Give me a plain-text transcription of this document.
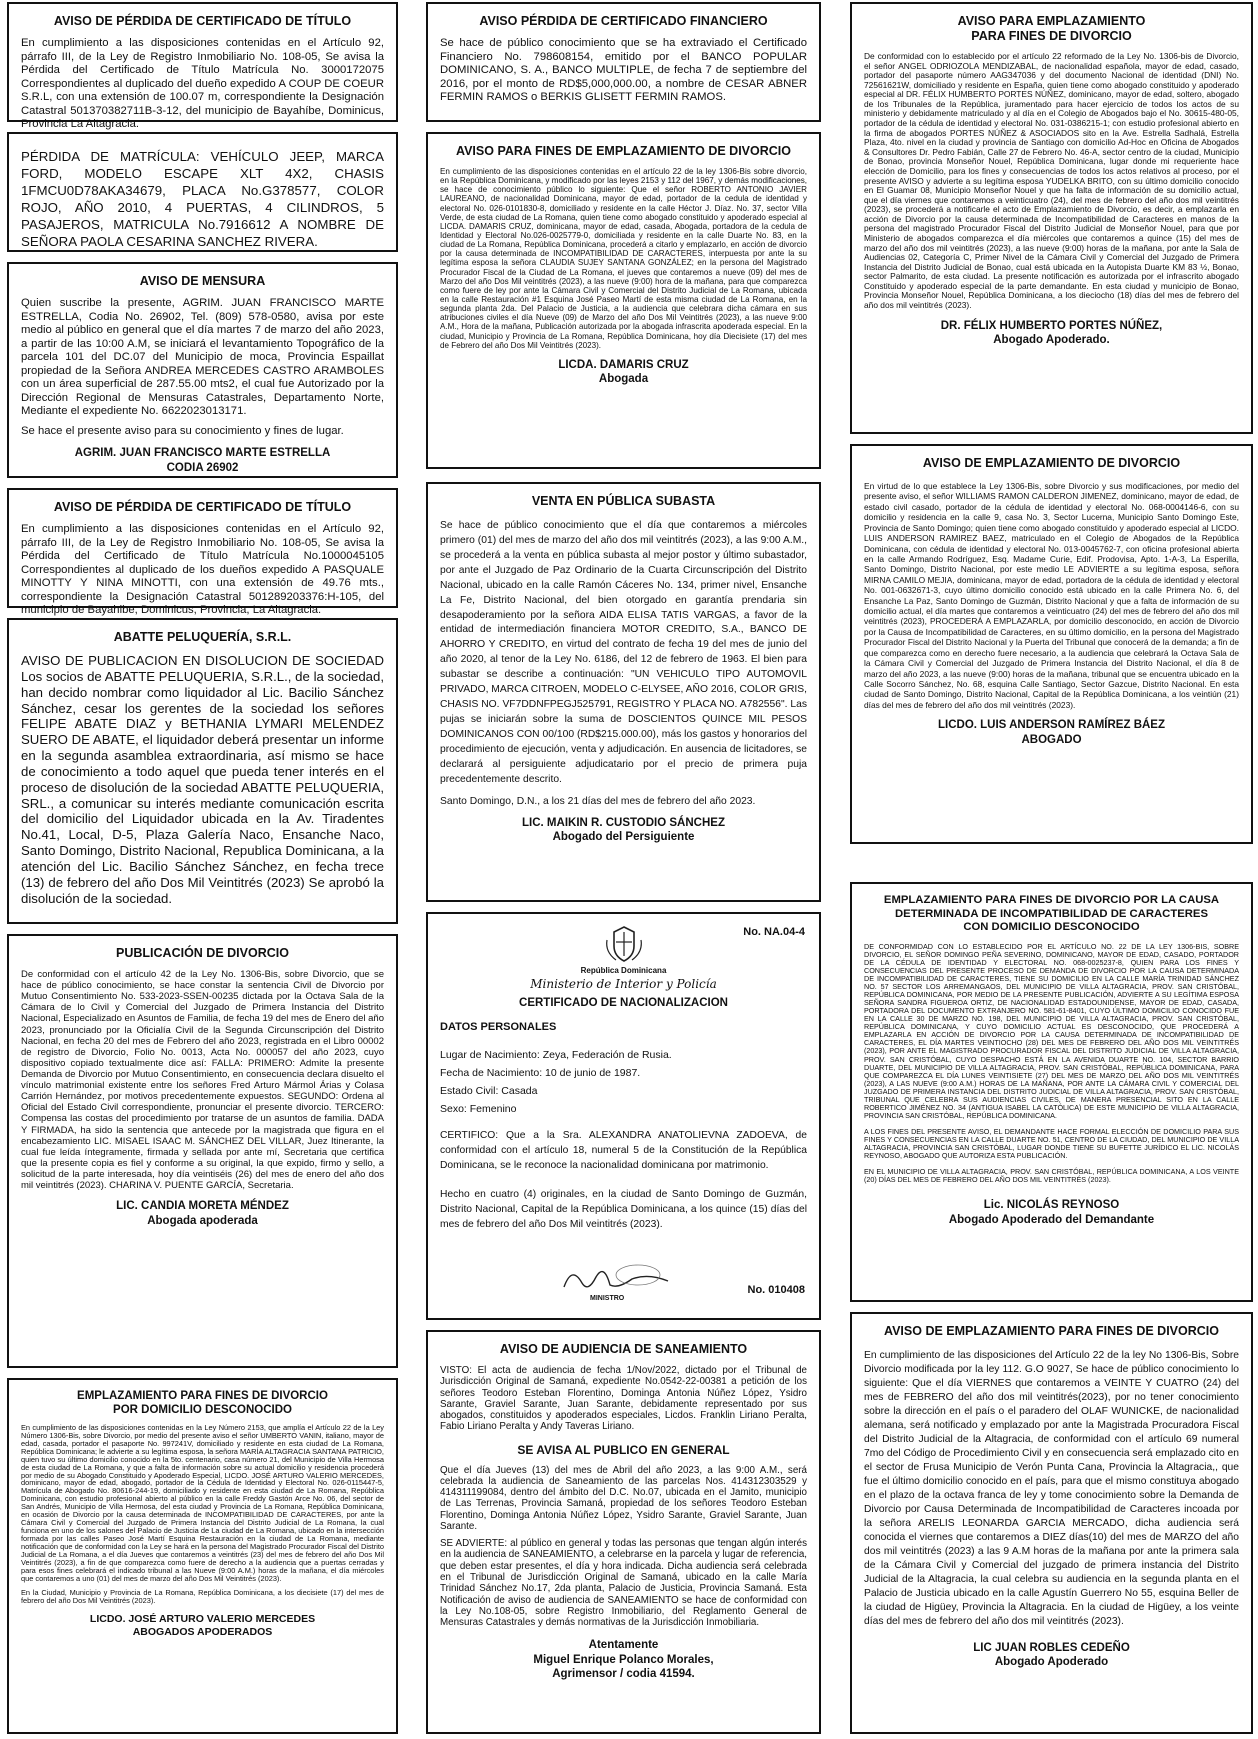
AVISO DE PÉRDIDA DE CERTIFICADO DE TÍTULO

En cumplimiento a las disposiciones contenidas en el Artículo 92, párrafo III, de la Ley de Registro Inmobiliario No. 108-05, Se avisa la Pérdida del Certificado de Título Matrícula No. 3000172075 Correspondientes al duplicado del dueño expedido A COUP DE COEUR S.R.L, con una extensión de 100.07 m, correspondiente la Designación Catastral 501370382711B-3-12, del municipio de Bayahíbe, Dominicus, Provincia La Altagracia.

PÉRDIDA DE MATRÍCULA: VEHÍCULO JEEP, MARCA FORD, MODELO ESCAPE XLT 4X2, CHASIS 1FMCU0D78AKA34679, PLACA No.G378577, COLOR ROJO, AÑO 2010, 4 PUERTAS, 4 CILINDROS, 5 PASAJEROS, MATRICULA No.7916612 A NOMBRE DE SEÑORA PAOLA CESARINA SANCHEZ RIVERA.

AVISO DE MENSURA

Quien suscribe la presente, AGRIM. JUAN FRANCISCO MARTE ESTRELLA, Codia No. 26902, Tel. (809) 578-0580, avisa por este medio al público en general que el día martes 7 de marzo del año 2023, a partir de las 10:00 A.M, se iniciará el levantamiento Topográfico de la parcela 101 del DC.07 del Municipio de moca, Provincia Espaillat propiedad de la Señora ANDREA MERCEDES CASTRO ARAMBOLES con un área superficial de 287.55.00 mts2, el cual fue Autorizado por la Dirección Regional de Mensuras Catastrales, Departamento Norte, Mediante el expediente No. 6622023013171.

Se hace el presente aviso para su conocimiento y fines de lugar.

AGRIM. JUAN FRANCISCO MARTE ESTRELLA
CODIA 26902

AVISO DE PÉRDIDA DE CERTIFICADO DE TÍTULO

En cumplimiento a las disposiciones contenidas en el Artículo 92, párrafo III, de la Ley de Registro Inmobiliario No. 108-05, Se avisa la Pérdida del Certificado de Título Matrícula No.1000045105 Correspondientes al duplicado de los dueños expedido A PASQUALE MINOTTY Y NINA MINOTTI, con una extensión de 49.76 mts., correspondiente la Designación Catastral 501289203376:H-105, del municipio de Bayahibe, Dominicus, Provincia, La Altagracia.

ABATTE PELUQUERÍA, S.R.L.

AVISO DE PUBLICACION EN DISOLUCION DE SOCIEDAD Los socios de ABATTE PELUQUERIA, S.R.L., de la sociedad, han decido nombrar como liquidador al Lic. Bacilio Sánchez Sánchez, cesar los gerentes de la sociedad los señores FELIPE ABATE DIAZ y BETHANIA LYMARI MELENDEZ SUERO DE ABATE, el liquidador deberá presentar un informe en la segunda asamblea extraordinaria, así mismo se hace de conocimiento a todo aquel que pueda tener interés en el proceso de disolución de la sociedad ABATTE PELUQUERIA, SRL., a comunicar su interés mediante comunicación escrita del domicilio del Liquidador ubicada en la Av. Tiradentes No.41, Local, D-5, Plaza Galería Naco, Ensanche Naco, Santo Domingo, Distrito Nacional, Republica Dominicana, a la atención del Lic. Bacilio Sánchez Sánchez, en fecha trece (13) de febrero del año Dos Mil Veintitrés (2023) Se aprobó la disolución de la sociedad.

PUBLICACIÓN DE DIVORCIO

De conformidad con el artículo 42 de la Ley No. 1306-Bis, sobre Divorcio, que se hace de público conocimiento, se hace constar la sentencia Civil de Divorcio por Mutuo Consentimiento No. 533-2023-SSEN-00235 dictada por la Octava Sala de la Cámara de lo Civil y Comercial del Juzgado de Primera Instancia del Distrito Nacional, Especializado en Asuntos de Familia, de fecha 19 del mes de Enero del año 2023, pronunciado por la Oficialía Civil de la Segunda Circunscripción del Distrito Nacional, en fecha 20 del mes de Febrero del año 2023, registrada en el Libro 00002 de registro de Divorcio, Folio No. 0013, Acta No. 000057 del año 2023, cuyo dispositivo copiado textualmente dice así: FALLA: PRIMERO: Admite la presente Demanda de Divorcio por Mutuo Consentimiento, en consecuencia declara disuelto el vínculo matrimonial existente entre los señores Fred Arturo Mármol Árias y Colasa Carrión Hernández, por motivos precedentemente expuestos. SEGUNDO: Ordena al Oficial del Estado Civil correspondiente, pronunciar el presente divorcio. TERCERO: Compensa las costas del procedimiento por tratarse de un asuntos de familia. DADA Y FIRMADA, ha sido la sentencia que antecede por la magistrada que figura en el encabezamiento LIC. MISAEL ISAAC M. SÁNCHEZ DEL VILLAR, Juez Itinerante, la cual fue leída íntegramente, firmada y sellada por ante mí, Secretaria que certifica que la presente copia es fiel y conforme a su original, la que expido, firmo y sello, a solicitud de la parte interesada, hoy día veintiséis (26) del mes de enero del año dos mil veintitrés (2023). CHARINA V. PUENTE GARCÍA, Secretaria.

LIC. CANDIA MORETA MÉNDEZ
Abogada apoderada

EMPLAZAMIENTO PARA FINES DE DIVORCIO
POR DOMICILIO DESCONOCIDO

En cumplimiento de las disposiciones contenidas en la Ley Número 2153, que amplía el Artículo 22 de la Ley Número 1306-Bis, sobre Divorcio, por medio del presente aviso el señor UMBERTO VANIN, italiano, mayor de edad, casada, portador el pasaporte No. 997241V, domiciliado y residente en esta ciudad de La Romana, República Dominicana; le advierte a su legítima esposa, la señora MARÍA ALTAGRACIA SANTANA PATRICIO, quien tuvo su último domicilio conocido en la 5to. centenario, casa número 21, del Municipio de Villa Hermosa de esta ciudad de La Romana, y que a falta de información sobre su actual domicilio y residencia procederá por medio de su Abogado Constituido y Apoderado Especial, LICDO. JOSÉ ARTURO VALERIO MERCEDES, dominicano, mayor de edad, abogado, portador de la Cédula de Identidad y Electoral No. 026-0115447-5, Matrícula de Abogado No. 80616-244-19, domiciliado y residente en esta ciudad de La Romana, República Dominicana, con estudio profesional abierto al público en la calle Freddy Gastón Arce No. 06, del sector de San Andrés, Municipio de Villa Hermosa, del esta ciudad y Provincia de La Romana, República Dominicana, en ocasión de Divorcio por la causa determinada de INCOMPATIBILIDAD DE CARACTERES, por ante la Cámara Civil y Comercial del Juzgado de Primera Instancia del Distrito Judicial de La Romana, la cual funciona en uno de los salones del Palacio de Justicia de La ciudad de La Romana, ubicado en la intersección formada por las calles Paseo José Martí Esquina Restauración en la ciudad de La Romana, mediante notificación que de conformidad con la Ley se hará en la persona del Magistrado Procurador Fiscal del Distrito Judicial de La Romana, a el día Jueves que contaremos a veintitrés (23) del mes de febrero del año Dos Mil Veintitrés (2023), a fin de que comparezca como fuere de derecho a la audiencia que a puertas cerradas y para esos fines celebrará el indicado tribunal a las Nueve (9:00 A.M.) horas de la mañana, el día miércoles que contaremos a uno (01) del mes de marzo del año Dos Mil Veintitrés (2023).

En la Ciudad, Municipio y Provincia de La Romana, República Dominicana, a los diecisiete (17) del mes de febrero del año Dos Mil Veintitrés (2023).

LICDO. JOSÉ ARTURO VALERIO MERCEDES
ABOGADOS APODERADOS

AVISO PÉRDIDA DE CERTIFICADO FINANCIERO

Se hace de público conocimiento que se ha extraviado el Certificado Financiero No. 798608154, emitido por el BANCO POPULAR DOMINICANO, S. A., BANCO MULTIPLE, de fecha 7 de septiembre del 2016, por el monto de RD$5,000,000.00, a nombre de CESAR ABNER FERMIN RAMOS o BERKIS GLISETT FERMIN RAMOS.

AVISO PARA FINES DE EMPLAZAMIENTO DE DIVORCIO

En cumplimiento de las disposiciones contenidas en el artículo 22 de la ley 1306-Bis sobre divorcio, en la República Dominicana, y modificado por las leyes 2153 y 112 del 1967, y demás modificaciones, se hace de conocimiento público lo siguiente: Que el señor ROBERTO ANTONIO JAVIER LAUREANO, de nacionalidad Dominicana, mayor de edad, portador de la cedula de identidad y electoral No. 026-0101830-8, domiciliado y residente en la calle Héctor J. Díaz. No. 37, sector Villa Verde, de esta ciudad de La Romana, quien tiene como abogado constituido y apoderado especial al LICDA. DAMARIS CRUZ, dominicana, mayor de edad, casada, Abogada, portadora de la cedula de Identidad y Electoral No.026-0025779-0, domiciliada y residente en la calle Duarte No. 83, en la ciudad de La Romana, República Dominicana, procederá a citarlo y emplazarlo, en acción de divorcio por la causa determinada de INCOMPATIBILIDAD DE CARACTERES, interpuesta por ante la su legítima esposa la señora CLAUDIA SUJEY SANTANA GONZÁLEZ; en la persona del Magistrado Procurador Fiscal de la Ciudad de La Romana, el jueves que contaremos a nueve (09) del mes de Marzo del año Dos Mil veintitrés (2023), a las nueve (9:00) hora de la mañana, para que comparezca como fuere de ley por ante la Cámara Civil y Comercial del Distrito Judicial de La Romana, ubicada en la calle Restauración #1 Esquina José Paseo Martí de esta misma ciudad de La Romana, en la segunda planta 2da. Del Palacio de Justicia, a la audiencia que celebrara dicha cámara en sus atribuciones civiles el día Nueve (09) de Marzo del año Dos Mil Veintitrés (2023), a las nueve 9:00 A.M., Hora de la mañana, Publicación autorizada por la abogada infrascrita apoderada especial. En la ciudad, Municipio y Provincia de La Romana, República Dominicana, hoy día Diecisiete (17) del mes de Febrero del año Dos Mil Veintitrés (2023).

LICDA. DAMARIS CRUZ
Abogada

VENTA EN PÚBLICA SUBASTA

Se hace de público conocimiento que el día que contaremos a miércoles primero (01) del mes de marzo del año dos mil veintitrés (2023), a las 9:00 A.M., se procederá a la venta en pública subasta al mejor postor y último subastador, por ante el Juzgado de Paz Ordinario de la Cuarta Circunscripción del Distrito Nacional, ubicado en la calle Ramón Cáceres No. 134, primer nivel, Ensanche La Fe, Distrito Nacional, del bien otorgado en garantía prendaria sin desapoderamiento por la señora AIDA ELISA TATIS VARGAS, a favor de la entidad de intermediación financiera MOTOR CREDITO, S.A., BANCO DE AHORRO Y CREDITO, en virtud del contrato de fecha 19 del mes de junio del año 2020, al tenor de la Ley No. 6186, del 12 de febrero de 1963. El bien para subastar se describe a continuación: "UN VEHICULO TIPO AUTOMOVIL PRIVADO, MARCA CITROEN, MODELO C-ELYSEE, AÑO 2016, COLOR GRIS, CHASIS NO. VF7DDNFPEGJ525791, REGISTRO Y PLACA NO. A782556". Las pujas se iniciarán sobre la suma de DOSCIENTOS QUINCE MIL PESOS DOMINICANOS CON 00/100 (RD$215.000.00), más los gastos y honorarios del procedimiento de ejecución, venta y adjudicación. En ausencia de licitadores, se declarará al persiguiente adjudicatario por el precio de primera puja precedentemente descrito.

Santo Domingo, D.N., a los 21 días del mes de febrero del año 2023.

LIC. MAIKIN R. CUSTODIO SÁNCHEZ
Abogado del Persiguiente
No. NA.04-4

República Dominicana

Ministerio de Interior y Policía

CERTIFICADO DE NACIONALIZACION

DATOS PERSONALES

Lugar de Nacimiento: Zeya, Federación de Rusia.

Fecha de Nacimiento: 10 de junio de 1987.

Estado Civil: Casada

Sexo: Femenino

CERTIFICO: Que a la Sra. ALEXANDRA ANATOLIEVNA ZADOEVA, de conformidad con el artículo 18, numeral 5 de la Constitución de la República Dominicana, se le reconoce la nacionalidad dominicana por matrimonio.

Hecho en cuatro (4) originales, en la ciudad de Santo Domingo de Guzmán, Distrito Nacional, Capital de la República Dominicana, a los quince (15) días del mes de febrero del año Dos Mil veintitrés (2023).

MINISTRO
No. 010408

AVISO DE AUDIENCIA DE SANEAMIENTO

VISTO: El acta de audiencia de fecha 1/Nov/2022, dictado por el Tribunal de Jurisdicción Original de Samaná, expediente No.0542-22-00381 a petición de los señores Teodoro Esteban Florentino, Dominga Antonia Núñez López, Ysidro Sarante, Graviel Sarante, Juan Sarante, debidamente representado por sus abogados, constituidos y apoderados especiales, Licdos. Franklin Liriano Peralta, Fabio Liriano Peralta y Andy Taveras Liriano.

SE AVISA AL PUBLICO EN GENERAL

Que el día Jueves (13) del mes de Abril del año 2023, a las 9:00 A.M., será celebrada la audiencia de Saneamiento de las parcelas Nos. 414312303529 y 414311199084, dentro del ámbito del D.C. No.07, ubicada en el Jamito, municipio de Las Terrenas, Provincia Samaná, propiedad de los señores Teodoro Esteban Florentino, Dominga Antonia Núñez López, Ysidro Sarante, Graviel Sarante, Juan Sarante.

SE ADVIERTE: al público en general y todas las personas que tengan algún interés en la audiencia de SANEAMIENTO, a celebrarse en la parcela y lugar de referencia, que deben estar presentes, el día y hora indicada. Dicha audiencia será celebrada en el Tribunal de Jurisdicción Original de Samaná, ubicado en la calle María Trinidad Sánchez No.17, 2da planta, Palacio de Justicia, Provincia Samaná. Esta Notificación de aviso de audiencia de SANEAMIENTO se hace de conformidad con la Ley No.108-05, sobre Registro Inmobiliario, del Reglamento General de Mensuras Catastrales y demás normativas de la Jurisdicción Inmobiliaria.

Atentamente
Miguel Enrique Polanco Morales,
Agrimensor / codia 41594.

AVISO PARA EMPLAZAMIENTO
PARA FINES DE DIVORCIO

De conformidad con lo establecido por el artículo 22 reformado de la Ley No. 1306-bis de Divorcio, el señor ANGEL ODRIOZOLA MENDIZABAL, de nacionalidad española, mayor de edad, casado, portador del pasaporte número AAG347036 y del documento Nacional de identidad (DNI) No. 72561621W, domiciliado y residente en España, quien tiene como abogado constituido y apoderado especial al DR. FÉLIX HUMBERTO PORTES NÚÑEZ, dominicano, mayor de edad, soltero, abogado de los Tribunales de la República, juramentado para hacer ejercicio de todos los actos de su ministerio y debidamente matriculado y al día en el Colegio de Abogados bajo el No. 30615-480-05, portador de la cédula de identidad y electoral No. 031-0386215-1; con estudio profesional abierto en la firma de abogados PORTES NÚÑEZ & ASOCIADOS sito en la Ave. Estrella Sadhalá, Estrella Plaza, 4to. nivel en la ciudad y provincia de Santiago con domicilio Ad-Hoc en Oficina de Abogados & Consultores Dr. Pedro Fabián, Calle 27 de Febrero No. 46-A, sector centro de la ciudad, Municipio de Bonao, provincia Monseñor Nouel, República Dominicana, lugar donde mi requeriente hace elección de Domicilio, para los fines y consecuencias de todos los actos relativos al proceso, por el presente AVISO y advierte a su legítima esposa YUDELKA BRITO, con su último domicilio conocido en El Guamar 08, Municipio Monseñor Nouel y que ha falta de información de su domicilio actual, que el día viernes que contaremos a veinticuatro (24), del mes de febrero del año dos mil veintitrés (2023), se procederá a notificarle el acto de Emplazamiento de Divorcio, es decir, a emplazarla en acción de Divorcio por la causa determinada de Incompatibilidad de Caracteres en manos de la persona del magistrado Procurador Fiscal del Distrito Judicial de Monseñor Nouel, para que por Ministerio de abogados comparezca el día miércoles que contaremos a quince (15) del mes de marzo del año dos mil veintitrés (2023), a las nueve (9:00) horas de la mañana, por ante la Sala de Audiencias 02, Categoría C, Primer Nivel de la Cámara Civil y Comercial del Juzgado de Primera Instancia del Distrito Judicial de Bonao, cual está ubicada en la Autopista Duarte KM 83 ½, Bonao, sector Palmarito, de esta ciudad. La presente notificación es autorizada por el infrascrito abogado Constituido y apoderado especial de la parte demandante. En esta ciudad y municipio de Bonao, Provincia Monseñor Nouel, República Dominicana, a los dieciocho (18) días del mes de febrero del año dos mil veintitrés (2023).

DR. FÉLIX HUMBERTO PORTES NÚÑEZ,
Abogado Apoderado.

AVISO DE EMPLAZAMIENTO DE DIVORCIO

En virtud de lo que establece la Ley 1306-Bis, sobre Divorcio y sus modificaciones, por medio del presente aviso, el señor WILLIAMS RAMON CALDERON JIMENEZ, dominicano, mayor de edad, de estado civil casado, portador de la cédula de identidad y electoral No. 068-0004146-6, con su domicilio y residencia en la calle 9, casa No. 3, Sector Lucerna, Municipio Santo Domingo Este, Provincia de Santo Domingo; quien tiene como abogado constituido y apoderado especial al LICDO. LUIS ANDERSON RAMIREZ BAEZ, matriculado en el Colegio de Abogados de la República Dominicana, con cédula de identidad y electoral No. 013-0045762-7, con oficina profesional abierta en la calle Armando Rodríguez, Esq. Madame Curie, Edif. Prodovisa, Apto. 1-A-3, La Esperilla, Santo Domingo, Distrito Nacional, por este medio LE ADVIERTE a su legítima esposa, señora MIRNA CAMILO MEJIA, dominicana, mayor de edad, portadora de la cédula de identidad y electoral No. 001-0632671-3, cuyo último domicilio conocido está ubicado en la calle Primera No. 6, del Ensanche La Paz, Santo Domingo de Guzmán, Distrito Nacional y que a falta de información de su domicilio actual, el día martes que contaremos a veinticuatro (24) del mes de febrero del año dos mil veintitrés (2023), PROCEDERÁ A EMPLAZARLA, por domicilio desconocido, en acción de Divorcio por la Causa de Incompatibilidad de Caracteres, en su último domicilio, en la persona del Magistrado Procurador Fiscal del Distrito Nacional y la Puerta del Tribunal que conocerá de la demanda; a fin de que comparezca como en derecho fuere necesario, a la audiencia que celebrará la Octava Sala de la Cámara Civil y Comercial del Juzgado de Primera Instancia del Distrito Nacional, el día 8 de marzo del año 2023, a las nueve (9:00) horas de la mañana, tribunal que se encuentra ubicado en la Calle Socorro Sánchez, No. 68, esquina Calle Santiago, Sector Gazcue, Distrito Nacional. En esta ciudad de Santo Domingo, Distrito Nacional, Capital de la República Dominicana, a los veintiún (21) días del mes de febrero del año dos mil veintitrés (2023).

LICDO. LUIS ANDERSON RAMÍREZ BÁEZ
ABOGADO

EMPLAZAMIENTO PARA FINES DE DIVORCIO POR LA CAUSA
DETERMINADA DE INCOMPATIBILIDAD DE CARACTERES
CON DOMICILIO DESCONOCIDO

DE CONFORMIDAD CON LO ESTABLECIDO POR EL ARTÍCULO NO. 22 DE LA LEY 1306-BIS, SOBRE DIVORCIO, EL SEÑOR DOMINGO PEÑA SEVERINO, DOMINICANO, MAYOR DE EDAD, CASADO, PORTADOR DE LA CÉDULA DE IDENTIDAD Y ELECTORAL NO. 068-0025237-8, QUIEN PARA LOS FINES Y CONSECUENCIAS DEL PRESENTE PROCESO DE DEMANDA DE DIVORCIO POR LA CAUSA DETERMINADA DE INCOMPATIBILIDAD DE CARACTERES, TIENE SU DOMICILIO EN LA CALLE MARÍA TRINIDAD SÁNCHEZ NO. 57 SECTOR LOS ARREMANGAOS, DEL MUNICIPIO DE VILLA ALTAGRACIA, PROV. SAN CRISTÓBAL, REPÚBLICA DOMINICANA, POR MEDIO DE LA PRESENTE PUBLICACIÓN, ADVIERTE A SU LEGÍTIMA ESPOSA SEÑORA SANDRA FIGUEROA ORTIZ, DE NACIONALIDAD ESTADOUNIDENSE, MAYOR DE EDAD, CASADA, PORTADORA DEL DOCUMENTO EXTRANJERO NO. 581-61-8401, CUYO ÚLTIMO DOMICILIO CONOCIDO FUE EN LA CALLE 30 DE MARZO NO. 198, DEL MUNICIPIO DE VILLA ALTAGRACIA, PROV. SAN CRISTÓBAL, REPÚBLICA DOMINICANA, Y CUYO DOMICILIO ACTUAL ES DESCONOCIDO, QUE PROCEDERÁ A EMPLAZARLA EN ACCIÓN DE DIVORCIO POR LA CAUSA DETERMINADA DE INCOMPATIBILIDAD DE CARACTERES, EL DÍA MARTES VEINTIOCHO (28) DEL MES DE FEBRERO DEL AÑO DOS MIL VEINTITRÉS (2023), POR ANTE EL MAGISTRADO PROCURADOR FISCAL DEL DISTRITO JUDICIAL DE VILLA ALTAGRACIA, PROV. SAN CRISTÓBAL, CUYO DESPACHO ESTÁ EN LA AVENIDA DUARTE NO. 104, SECTOR BARRIO DUARTE, DEL MUNICIPIO DE VILLA ALTAGRACIA, PROV. SAN CRISTÓBAL, REPÚBLICA DOMINICANA, PARA QUE COMPAREZCA EL DÍA LUNES VEINTISIETE (27) DEL MES DE MARZO DEL AÑO DOS MIL VEINTITRÉS (2023), A LAS NUEVE (9:00 A.M.) HORAS DE LA MAÑANA, POR ANTE LA CÁMARA CIVIL Y COMERCIAL DEL JUZGADO DE PRIMERA INSTANCIA DEL DISTRITO JUDICIAL DE VILLA ALTAGRACIA, PROV. SAN CRISTÓBAL, TRIBUNAL QUE CELEBRA SUS AUDIENCIAS CIVILES, DE MANERA PRESENCIAL SITO EN LA CALLE ROBERTICO JIMÉNEZ NO. 34 (ANTIGUA ISABEL LA CATÓLICA) DE ESTE MUNICIPIO DE VILLA ALTAGRACIA, PROVINCIA SAN CRISTÓBAL, REPÚBLICA DOMINICANA.

A LOS FINES DEL PRESENTE AVISO, EL DEMANDANTE HACE FORMAL ELECCIÓN DE DOMICILIO PARA SUS FINES Y CONSECUENCIAS EN LA CALLE DUARTE NO. 51, CENTRO DE LA CIUDAD, DEL MUNICIPIO DE VILLA ALTAGRACIA, PROVINCIA SAN CRISTÓBAL, LUGAR DONDE TIENE SU BUFETTE JURÍDICO EL LIC. NICOLÁS REYNOSO, ABOGADO QUE AUTORIZA ESTA PUBLICACIÓN.

EN EL MUNICIPIO DE VILLA ALTAGRACIA, PROV. SAN CRISTÓBAL, REPÚBLICA DOMINICANA, A LOS VEINTE (20) DÍAS DEL MES DE FEBRERO DEL AÑO DOS MIL VEINTITRÉS (2023).

Lic. NICOLÁS REYNOSO
Abogado Apoderado del Demandante

AVISO DE EMPLAZAMIENTO PARA FINES DE DIVORCIO

En cumplimiento de las disposiciones del Artículo 22 de la ley No 1306-Bis, Sobre Divorcio modificada por la ley 112. G.O 9027, Se hace de público conocimiento lo siguiente: Que el día VIERNES que contaremos a VEINTE Y CUATRO (24) del mes de FEBRERO del año dos mil veintitrés(2023), por no tener conocimiento sobre la dirección en el país o el paradero del OLAF WUNICKE, de nacionalidad alemana, será notificado y emplazado por ante la Magistrada Procuradora Fiscal del Distrito Judicial de la Altagracia, de conformidad con el artículo 69 numeral 7mo del Código de Procedimiento Civil y en consecuencia será emplazado cito en el sector de Frusa Municipio de Verón Punta Cana, Provincia la Altagracia,, que fue el último domicilio conocido en el país, para que el mismo constituya abogado en el plazo de la octava franca de ley y tome conocimiento sobre la Demanda de Divorcio por Causa Determinada de Incompatibilidad de Caracteres incoada por la señora ARELIS LEONARDA GARCIA MERCADO, dicha audiencia será conocida el viernes que contaremos a DIEZ días(10) del mes de MARZO del año dos mil veintitrés (2023) a las 9 A.M horas de la mañana por ante la primera sala de la Cámara Civil y Comercial del juzgado de primera instancia del Distrito Judicial de la Altagracia, la cual celebra su audiencia en la segunda planta en el Palacio de Justicia ubicado en la calle Agustín Guerrero No 55, esquina Beller de la ciudad de Higüey, Provincia la Altagracia. En la ciudad de Higüey, a los veinte días del mes de febrero del año dos mil veintitrés (2023).

LIC JUAN ROBLES CEDEÑO
Abogado Apoderado
